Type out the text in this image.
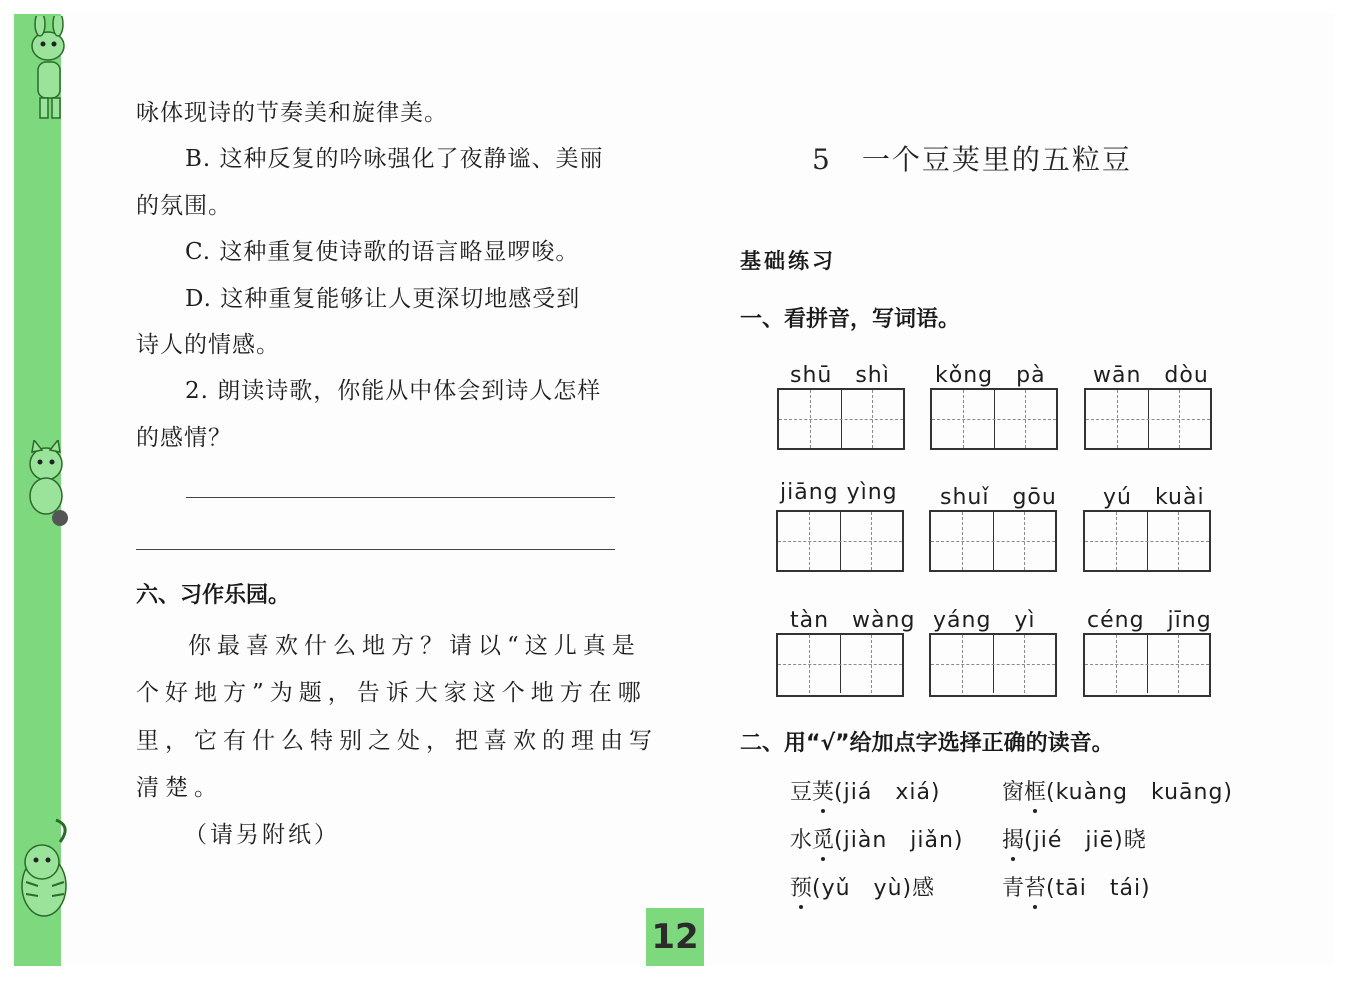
咏体现诗的节奏美和旋律美。
B. 这种反复的吟咏强化了夜静谧、美丽
的氛围。
C. 这种重复使诗歌的语言略显啰唆。
D. 这种重复能够让人更深切地感受到
诗人的情感。
2. 朗读诗歌，你能从中体会到诗人怎样
的感情？
六、习作乐园。
你最喜欢什么地方？请以“这儿真是
个好地方”为题，告诉大家这个地方在哪
里，它有什么特别之处，把喜欢的理由写
清楚。
（请另附纸）
12
5　一个豆荚里的五粒豆
基础练习
一、看拼音，写词语。
shū　shì kǒng　pà wān　dòu
jiāng yìng shuǐ　gōu yú　kuài
tàn　wàng yáng　yì céng　jīng
二、用“√”给加点字选择正确的读音。
豆荚(jiá　xiá)	窗框(kuàng　kuāng)
水觅(jiàn　jiǎn) 揭(jié　jiē)晓
预(yǔ　yù)感	青苔(tāi　tái)
